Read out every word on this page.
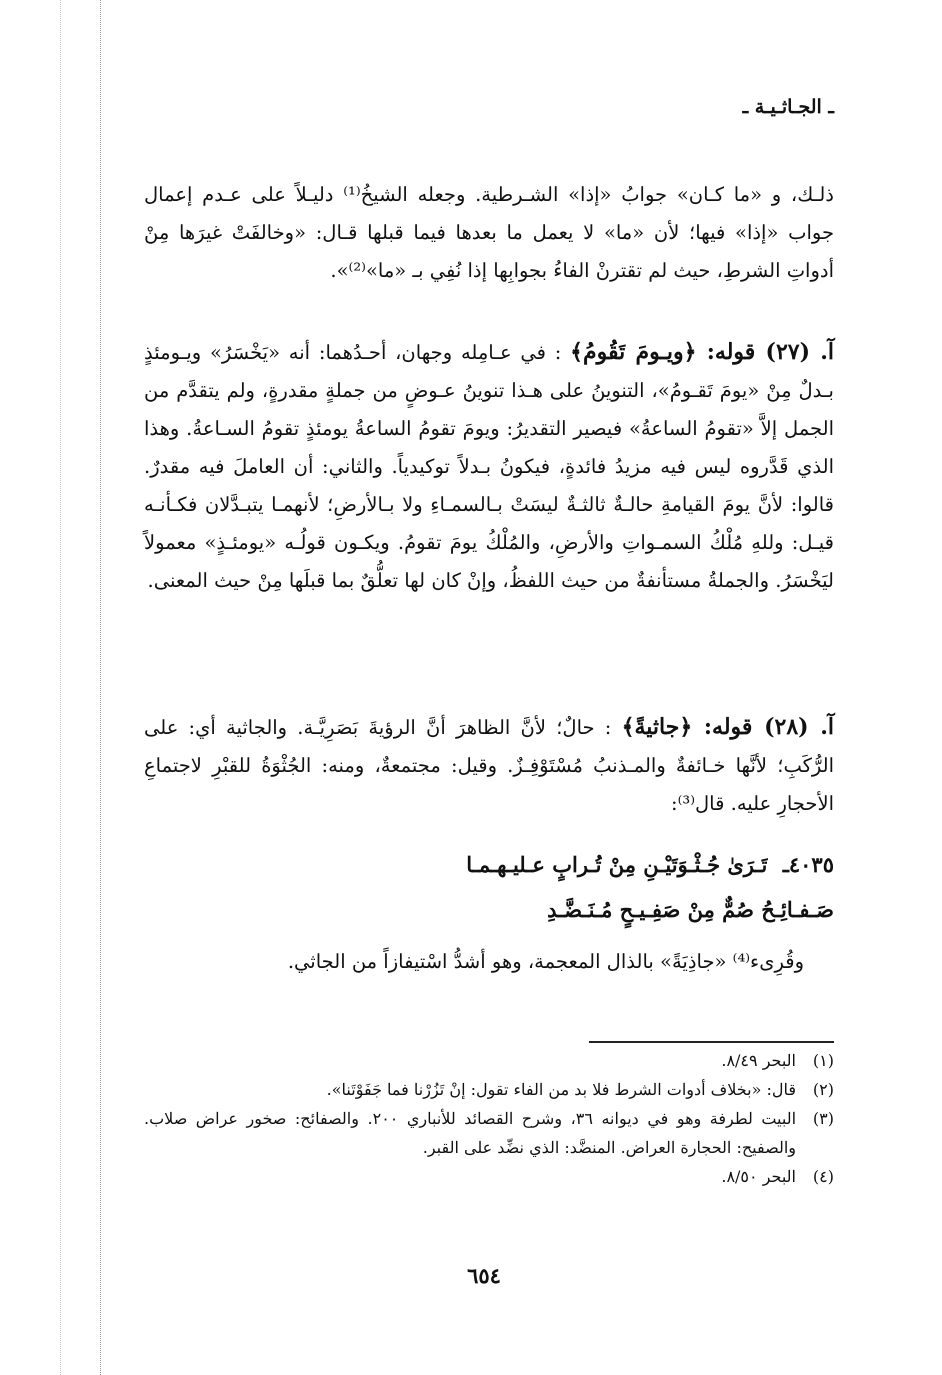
ـ الجـاثـيـة ـ

ذلـك، و «ما كـان» جوابُ «إذا» الشـرطية. وجعله الشيخُ⁽¹⁾ دليـلاً على عـدم إعمال جواب «إذا» فيها؛ لأن «ما» لا يعمل ما بعدها فيما قبلها قـال: «وخالفَتْ غيرَها مِنْ أدواتِ الشرطِ، حيث لم تقترنْ الفاءُ بجوابِها إذا نُفِي بـ «ما»⁽²⁾».

آ. (٢٧) قوله: ﴿ويـومَ تَقُومُ﴾ : في عـامِله وجهان، أحـدُهما: أنه «يَخْسَرُ» ويـومئذٍ بـدلٌ مِنْ «يومَ تَقـومُ»، التنوينُ على هـذا تنوينُ عـوضٍ من جملةٍ مقدرةٍ، ولم يتقدَّم من الجمل إلاَّ «تقومُ الساعةُ» فيصير التقديرُ: ويومَ تقومُ الساعةُ يومئذٍ تقومُ السـاعةُ. وهذا الذي قَدَّروه ليس فيه مزيدُ فائدةٍ، فيكونُ بـدلاً توكيدياً. والثاني: أن العاملَ فيه مقدرٌ. قالوا: لأنَّ يومَ القيامةِ حالـةٌ ثالثـةٌ ليسَتْ بـالسمـاءِ ولا بـالأرضِ؛ لأنهمـا يتبـدَّلان فكـأنـه قيـل: وللهِ مُلْكُ السمـواتِ والأرضِ، والمُلْكُ يومَ تقومُ. ويكـون قولُـه «يومئـذٍ» معمولاً ليَخْسَرُ. والجملةُ مستأنفةٌ من حيث اللفظُ، وإنْ كان لها تعلُّقٌ بما قبلَها مِنْ حيث المعنى.

آ. (٢٨) قوله: ﴿جاثيةً﴾ : حالٌ؛ لأنَّ الظاهرَ أنَّ الرؤيةَ بَصَرِيَّـة. والجاثية أي: على الرُّكَبِ؛ لأنَّها خـائفةٌ والمـذنبُ مُسْتَوْفِـزٌ. وقيل: مجتمعةٌ، ومنه: الجُثْوَةُ للقبْرِ لاجتماعِ الأحجارِ عليه. قال⁽³⁾:

٤٠٣٥ـ تَـرَىٰ جُـثْـوَتَيْـنِ مِنْ تُـرابٍ عـليـهـمـا
صَـفـائِـحُ صُمٌّ مِنْ صَفِـيـحٍ مُـنَـضَّـدِ
وقُرِىء⁽⁴⁾ «جاذِيَةً» بالذال المعجمة، وهو أشدُّ اسْتيفازاً من الجاثي.
(١)
البحر ٨/٤٩.
(٢)
قال: «بخلاف أدوات الشرط فلا بد من الفاء تقول: إنْ تَزُرْنا فما جَفَوْتَنا».
(٣)
البيت لطرفة وهو في ديوانه ٣٦، وشرح القصائد للأنباري ٢٠٠. والصفائح: صخور عراض صلاب. والصفيح: الحجارة العراض. المنضَّد: الذي نضِّد على القبر.
(٤)
البحر ٨/٥٠.
٦٥٤
